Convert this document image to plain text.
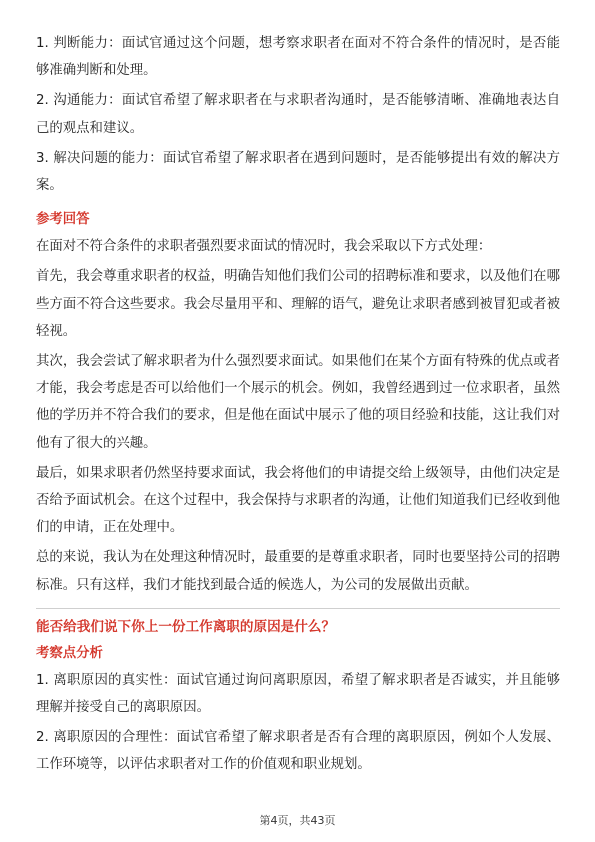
1. 判断能力：面试官通过这个问题，想考察求职者在面对不符合条件的情况时，是否能够准确判断和处理。

2. 沟通能力：面试官希望了解求职者在与求职者沟通时，是否能够清晰、准确地表达自己的观点和建议。

3. 解决问题的能力：面试官希望了解求职者在遇到问题时，是否能够提出有效的解决方案。

参考回答

在面对不符合条件的求职者强烈要求面试的情况时，我会采取以下方式处理：

首先，我会尊重求职者的权益，明确告知他们我们公司的招聘标准和要求，以及他们在哪些方面不符合这些要求。我会尽量用平和、理解的语气，避免让求职者感到被冒犯或者被轻视。

其次，我会尝试了解求职者为什么强烈要求面试。如果他们在某个方面有特殊的优点或者才能，我会考虑是否可以给他们一个展示的机会。例如，我曾经遇到过一位求职者，虽然他的学历并不符合我们的要求，但是他在面试中展示了他的项目经验和技能，这让我们对他有了很大的兴趣。

最后，如果求职者仍然坚持要求面试，我会将他们的申请提交给上级领导，由他们决定是否给予面试机会。在这个过程中，我会保持与求职者的沟通，让他们知道我们已经收到他们的申请，正在处理中。

总的来说，我认为在处理这种情况时，最重要的是尊重求职者，同时也要坚持公司的招聘标准。只有这样，我们才能找到最合适的候选人，为公司的发展做出贡献。

能否给我们说下你上一份工作离职的原因是什么？

考察点分析

1. 离职原因的真实性：面试官通过询问离职原因，希望了解求职者是否诚实，并且能够理解并接受自己的离职原因。

2. 离职原因的合理性：面试官希望了解求职者是否有合理的离职原因，例如个人发展、工作环境等，以评估求职者对工作的价值观和职业规划。

第4页，共43页
